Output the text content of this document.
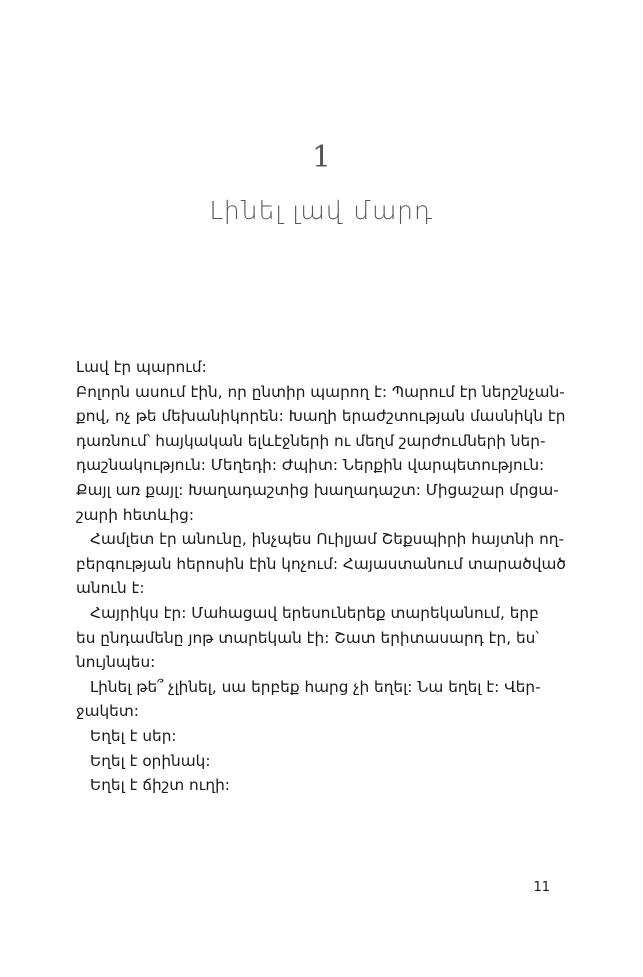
1
Լինել լավ մարդ
Լավ էր պարում:
Բոլորն ասում էին, որ ընտիր պարող է: Պարում էր ներշնչան-
քով, ոչ թե մեխանիկորեն: Խաղի երաժշտության մասնիկն էր
դառնում՝ հայկական ելևէջների ու մեղմ շարժումների ներ-
դաշնակություն: Մեղեդի: Ժպիտ: Ներքին վարպետություն:
Քայլ առ քայլ: Խաղադաշտից խաղադաշտ: Միցաշար մրցա-
շարի հետևից:
Համլետ էր անունը, ինչպես Ուիլյամ Շեքսպիրի հայտնի ող-
բերգության հերոսին էին կոչում: Հայաստանում տարածված
անուն է:
Հայրիկս էր: Մահացավ երեսուներեք տարեկանում, երբ
ես ընդամենը յոթ տարեկան էի: Շատ երիտասարդ էր, ես՝
նույնպես:
Լինել թե՞ չլինել, սա երբեք հարց չի եղել: Նա եղել է: Վեր-
ջակետ:
Եղել է սեր:
Եղել է օրինակ:
Եղել է ճիշտ ուղի:
11
